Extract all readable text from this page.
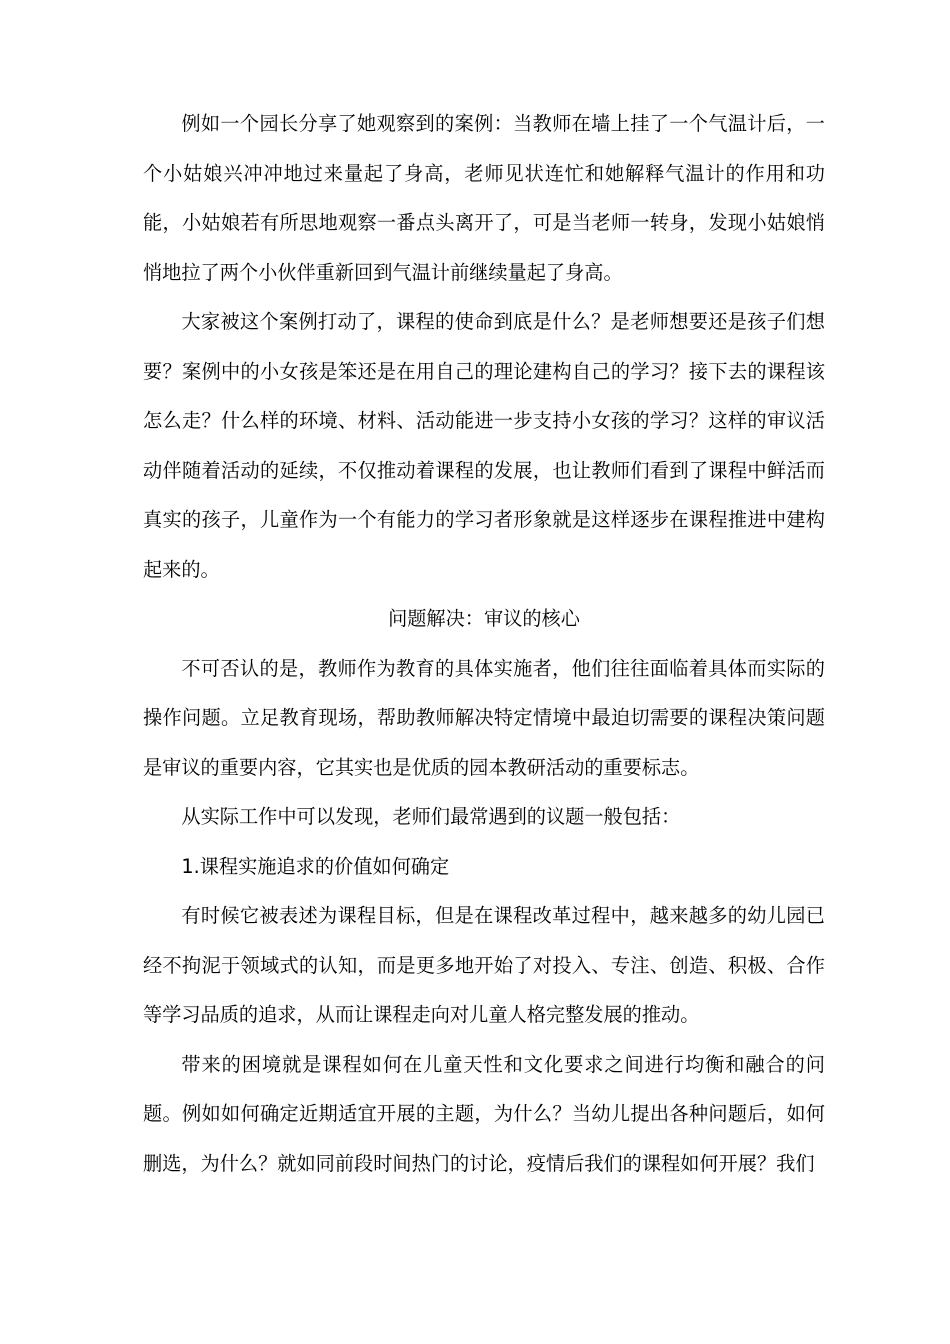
例如一个园长分享了她观察到的案例：当教师在墙上挂了一个气温计后，一个小姑娘兴冲冲地过来量起了身高，老师见状连忙和她解释气温计的作用和功能，小姑娘若有所思地观察一番点头离开了，可是当老师一转身，发现小姑娘悄悄地拉了两个小伙伴重新回到气温计前继续量起了身高。

大家被这个案例打动了，课程的使命到底是什么？是老师想要还是孩子们想要？案例中的小女孩是笨还是在用自己的理论建构自己的学习？接下去的课程该怎么走？什么样的环境、材料、活动能进一步支持小女孩的学习？这样的审议活动伴随着活动的延续，不仅推动着课程的发展，也让教师们看到了课程中鲜活而真实的孩子，儿童作为一个有能力的学习者形象就是这样逐步在课程推进中建构起来的。

问题解决：审议的核心

不可否认的是，教师作为教育的具体实施者，他们往往面临着具体而实际的操作问题。立足教育现场，帮助教师解决特定情境中最迫切需要的课程决策问题是审议的重要内容，它其实也是优质的园本教研活动的重要标志。

从实际工作中可以发现，老师们最常遇到的议题一般包括：

1.课程实施追求的价值如何确定

有时候它被表述为课程目标，但是在课程改革过程中，越来越多的幼儿园已经不拘泥于领域式的认知，而是更多地开始了对投入、专注、创造、积极、合作等学习品质的追求，从而让课程走向对儿童人格完整发展的推动。

带来的困境就是课程如何在儿童天性和文化要求之间进行均衡和融合的问题。例如如何确定近期适宜开展的主题，为什么？当幼儿提出各种问题后，如何删选，为什么？就如同前段时间热门的讨论，疫情后我们的课程如何开展？我们
